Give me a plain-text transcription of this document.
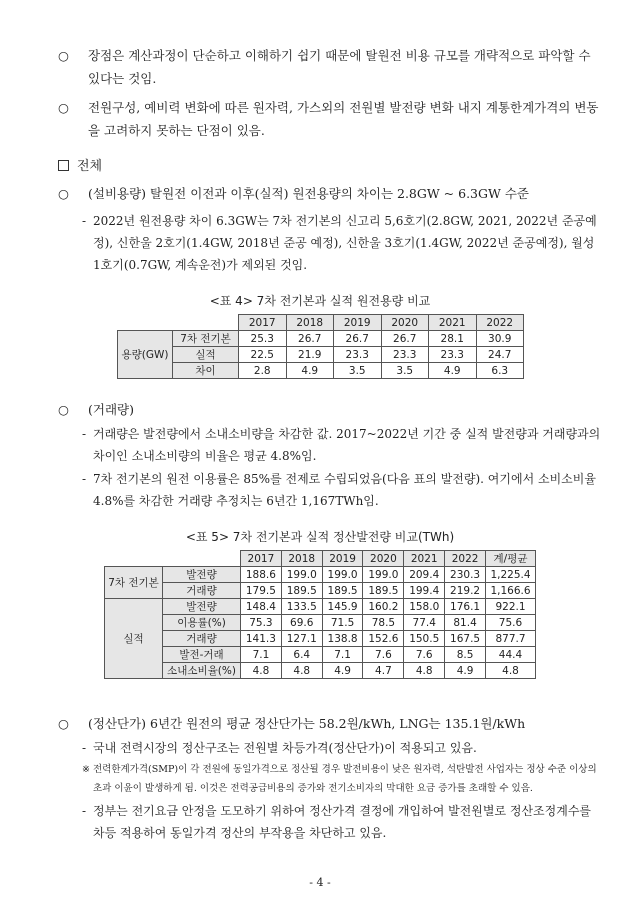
○	장점은 계산과정이 단순하고 이해하기 쉽기 때문에 탈원전 비용 규모를 개략적으로 파악할 수 있다는 것임.
○	전원구성, 예비력 변화에 따른 원자력, 가스외의 전원별 발전량 변화 내지 계통한계가격의 변동을 고려하지 못하는 단점이 있음.
전체
○	(설비용량) 탈원전 이전과 이후(실적) 원전용량의 차이는 2.8GW ~ 6.3GW 수준
- 2022년 원전용량 차이 6.3GW는 7차 전기본의 신고리 5,6호기(2.8GW, 2021, 2022년 준공예정), 신한울 2호기(1.4GW, 2018년 준공 예정), 신한울 3호기(1.4GW, 2022년 준공예정), 월성 1호기(0.7GW, 계속운전)가 제외된 것임.
<표 4> 7차 전기본과 실적 원전용량 비교
		2017	2018	2019	2020	2021	2022
용량(GW)	7차 전기본	25.3	26.7	26.7	26.7	28.1	30.9
	실적	22.5	21.9	23.3	23.3	23.3	24.7
	차이	2.8	4.9	3.5	3.5	4.9	6.3
○	(거래량)
- 거래량은 발전량에서 소내소비량을 차감한 값. 2017~2022년 기간 중 실적 발전량과 거래량과의 차이인 소내소비량의 비율은 평균 4.8%임.
- 7차 전기본의 원전 이용률은 85%를 전제로 수립되었음(다음 표의 발전량). 여기에서 소비소비율 4.8%를 차감한 거래량 추정치는 6년간 1,167TWh임.
<표 5> 7차 전기본과 실적 정산발전량 비교(TWh)
		2017	2018	2019	2020	2021	2022	계/평균
7차 전기본	발전량	188.6	199.0	199.0	199.0	209.4	230.3	1,225.4
	거래량	179.5	189.5	189.5	189.5	199.4	219.2	1,166.6
실적	발전량	148.4	133.5	145.9	160.2	158.0	176.1	922.1
	이용률(%)	75.3	69.6	71.5	78.5	77.4	81.4	75.6
	거래량	141.3	127.1	138.8	152.6	150.5	167.5	877.7
	발전-거래	7.1	6.4	7.1	7.6	7.6	8.5	44.4
	소내소비율(%)	4.8	4.8	4.9	4.7	4.8	4.9	4.8
○	(정산단가) 6년간 원전의 평균 정산단가는 58.2원/kWh, LNG는 135.1원/kWh
- 국내 전력시장의 정산구조는 전원별 차등가격(정산단가)이 적용되고 있음.
※ 전력한계가격(SMP)이 각 전원에 동일가격으로 정산될 경우 발전비용이 낮은 원자력, 석탄발전 사업자는 정상 수준 이상의 초과 이윤이 발생하게 됨. 이것은 전력공급비용의 증가와 전기소비자의 막대한 요금 증가를 초래할 수 있음.
- 정부는 전기요금 안정을 도모하기 위하여 정산가격 결정에 개입하여 발전원별로 정산조정계수를 차등 적용하여 동일가격 정산의 부작용을 차단하고 있음.
- 4 -
